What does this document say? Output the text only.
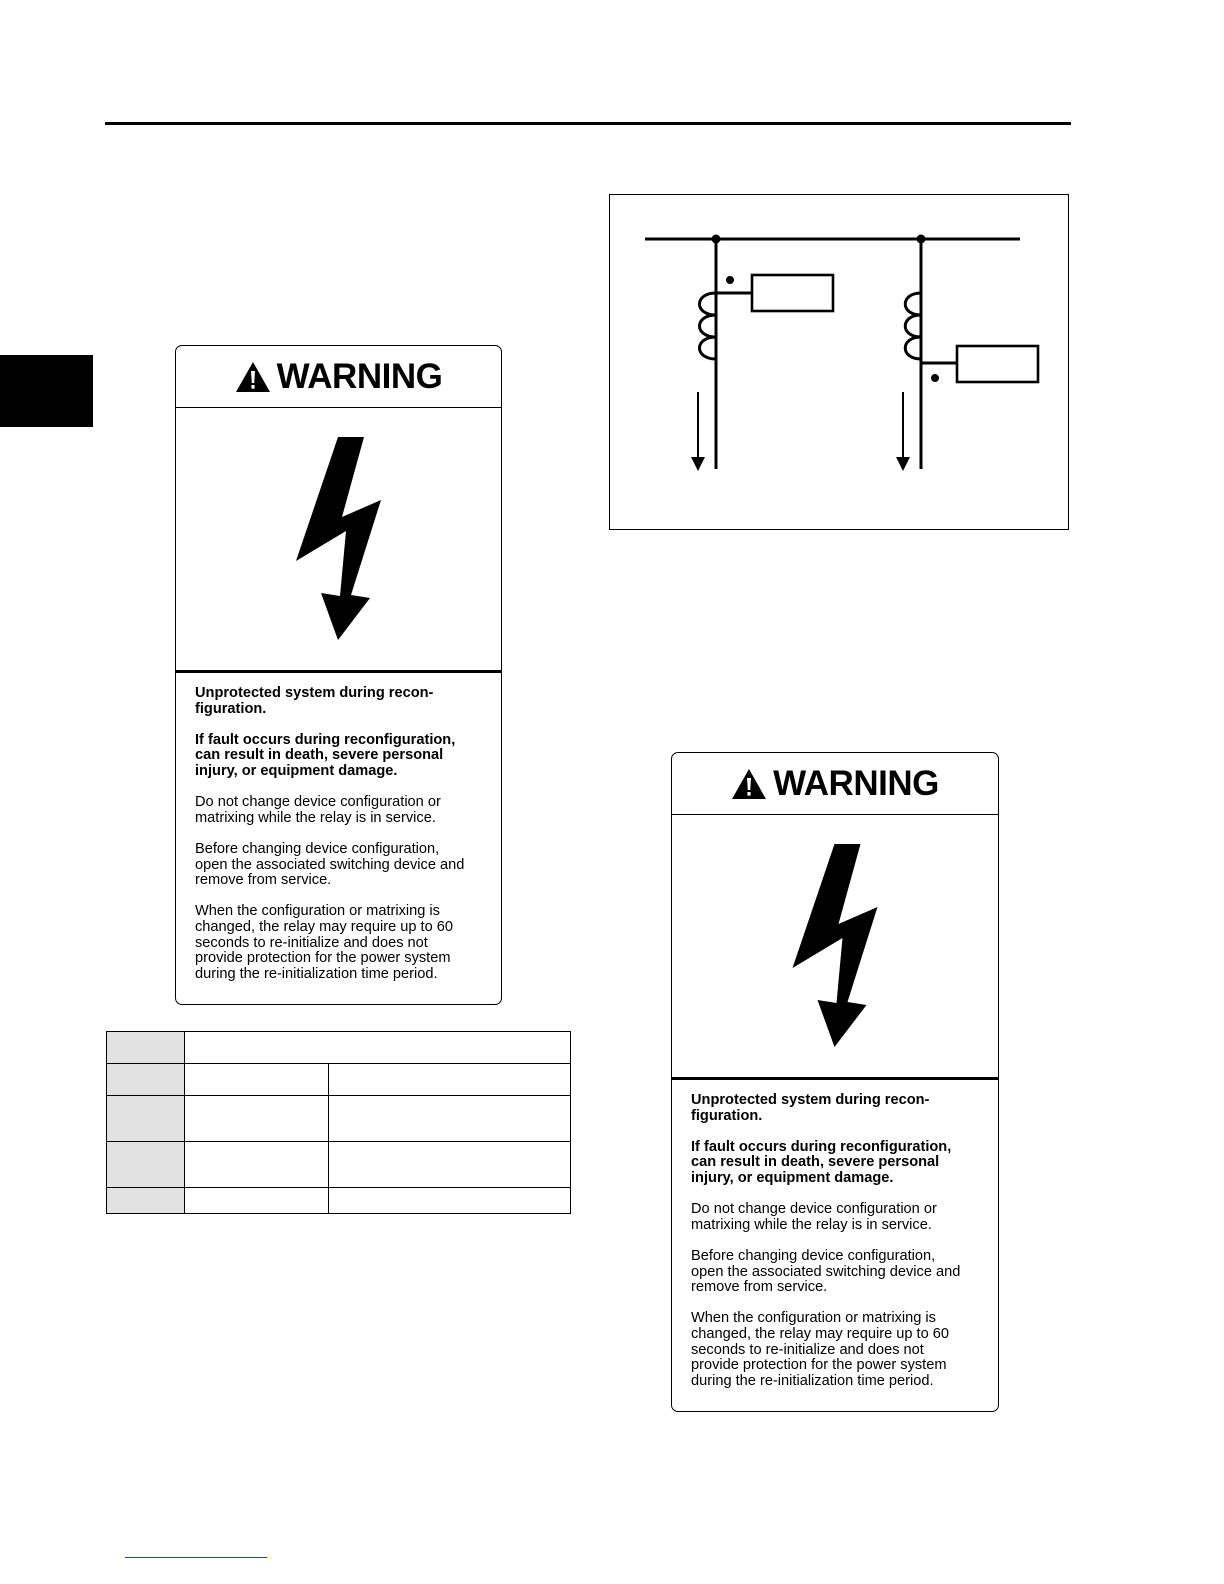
WARNING

Unprotected system during recon-
figuration.

If fault occurs during reconfiguration,
can result in death, severe personal
injury, or equipment damage.

Do not change device configuration or
matrixing while the relay is in service.

Before changing device configuration,
open the associated switching device and
remove from service.

When the configuration or matrixing is
changed, the relay may require up to 60
seconds to re-initialize and does not
provide protection for the power system
during the re-initialization time period.

WARNING

Unprotected system during recon-
figuration.

If fault occurs during reconfiguration,
can result in death, severe personal
injury, or equipment damage.

Do not change device configuration or
matrixing while the relay is in service.

Before changing device configuration,
open the associated switching device and
remove from service.

When the configuration or matrixing is
changed, the relay may require up to 60
seconds to re-initialize and does not
provide protection for the power system
during the re-initialization time period.
